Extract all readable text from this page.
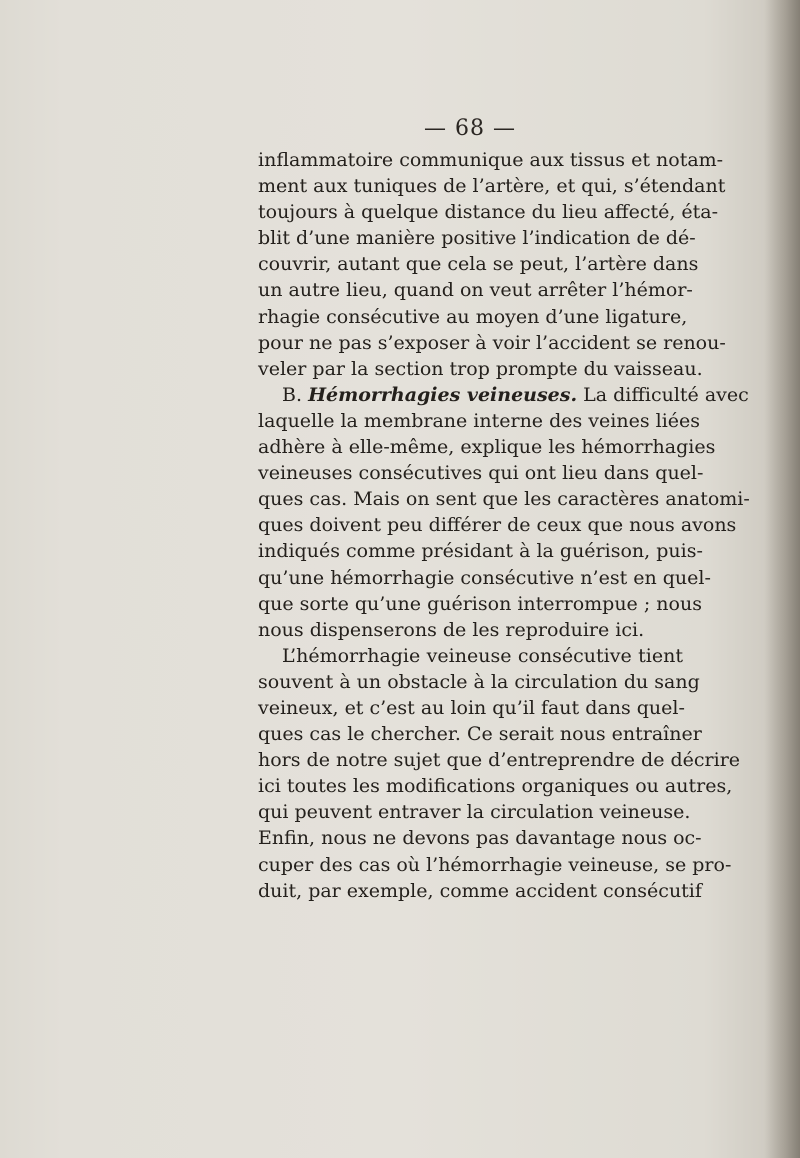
— 68 —
inflammatoire communique aux tissus et notam-
ment aux tuniques de l’artère, et qui, s’étendant
toujours à quelque distance du lieu affecté, éta-
blit d’une manière positive l’indication de dé-
couvrir, autant que cela se peut, l’artère dans
un autre lieu, quand on veut arrêter l’hémor-
rhagie consécutive au moyen d’une ligature,
pour ne pas s’exposer à voir l’accident se renou-
veler par la section trop prompte du vaisseau.
B. Hémorrhagies veineuses. La difficulté avec
laquelle la membrane interne des veines liées
adhère à elle-même, explique les hémorrhagies
veineuses consécutives qui ont lieu dans quel-
ques cas. Mais on sent que les caractères anatomi-
ques doivent peu différer de ceux que nous avons
indiqués comme présidant à la guérison, puis-
qu’une hémorrhagie consécutive n’est en quel-
que sorte qu’une guérison interrompue ; nous
nous dispenserons de les reproduire ici.
L’hémorrhagie veineuse consécutive tient
souvent à un obstacle à la circulation du sang
veineux, et c’est au loin qu’il faut dans quel-
ques cas le chercher. Ce serait nous entraîner
hors de notre sujet que d’entreprendre de décrire
ici toutes les modifications organiques ou autres,
qui peuvent entraver la circulation veineuse.
Enfin, nous ne devons pas davantage nous oc-
cuper des cas où l’hémorrhagie veineuse, se pro-
duit, par exemple, comme accident consécutif
